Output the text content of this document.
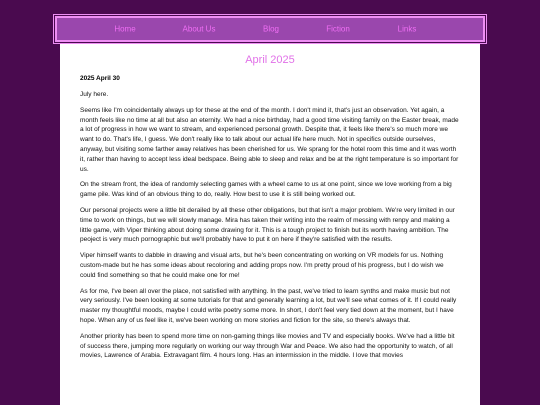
Home	About Us	Blog	Fiction	Links
April 2025

2025 April 30

July here.

Seems like I'm coincidentally always up for these at the end of the month. I don't mind it, that's just an observation. Yet again, a month feels like no time at all but also an eternity. We had a nice birthday, had a good time visiting family on the Easter break, made a lot of progress in how we want to stream, and experienced personal growth. Despite that, it feels like there's so much more we want to do. That's life, I guess. We don't really like to talk about our actual life here much. Not in specifics outside ourselves, anyway, but visiting some farther away relatives has been cherished for us. We sprang for the hotel room this time and it was worth it, rather than having to accept less ideal bedspace. Being able to sleep and relax and be at the right temperature is so important for us.

On the stream front, the idea of randomly selecting games with a wheel came to us at one point, since we love working from a big game pile. Was kind of an obvious thing to do, really. How best to use it is still being worked out.

Our personal projects were a little bit derailed by all these other obligations, but that isn't a major problem. We're very limited in our time to work on things, but we will slowly manage. Mira has taken their writing into the realm of messing with renpy and making a little game, with Viper thinking about doing some drawing for it. This is a tough project to finish but its worth having ambition. The peoject is very much pornographic but we'll probably have to put it on here if they're satisfied with the results.

Viper himself wants to dabble in drawing and visual arts, but he's been concentrating on working on VR models for us. Nothing custom-made but he has some ideas about recoloring and adding props now. I'm pretty proud of his progress, but I do wish we could find something so that he could make one for me!

As for me, I've been all over the place, not satisfied with anything. In the past, we've tried to learn synths and make music but not very seriously. I've been looking at some tutorials for that and generally learning a lot, but we'll see what comes of it. If I could really master my thoughtful moods, maybe I could write poetry some more. In short, I don't feel very tied down at the moment, but I have hope. When any of us feel like it, we've been working on more stories and fiction for the site, so there's always that.

Another priority has been to spend more time on non-gaming things like movies and TV and especially books. We've had a little bit of success there, jumping more regularly on working our way through War and Peace. We also had the opportunity to watch, of all movies, Lawrence of Arabia. Extravagant film. 4 hours long. Has an intermission in the middle. I love that movies
